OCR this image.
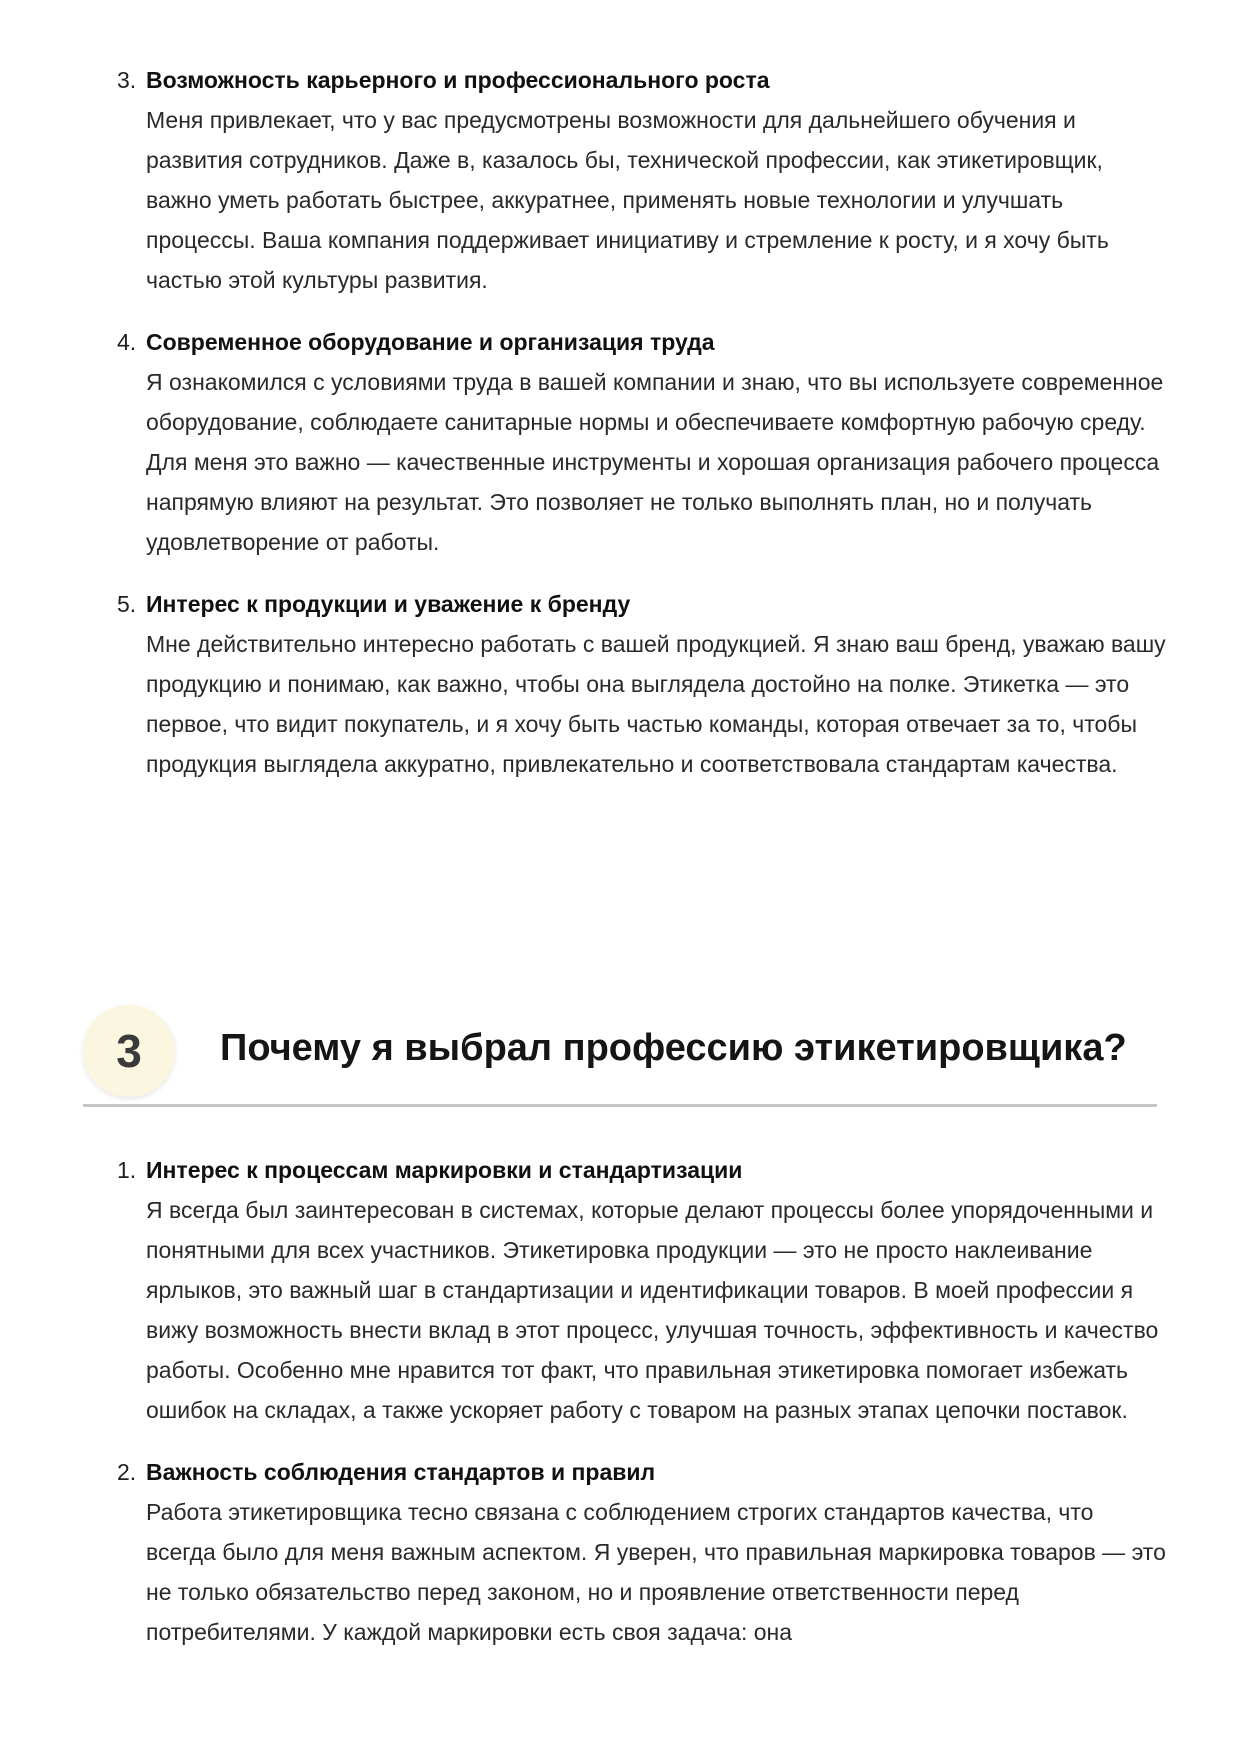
3. Возможность карьерного и профессионального роста
Меня привлекает, что у вас предусмотрены возможности для дальнейшего обучения и развития сотрудников. Даже в, казалось бы, технической профессии, как этикетировщик, важно уметь работать быстрее, аккуратнее, применять новые технологии и улучшать процессы. Ваша компания поддерживает инициативу и стремление к росту, и я хочу быть частью этой культуры развития.
4. Современное оборудование и организация труда
Я ознакомился с условиями труда в вашей компании и знаю, что вы используете современное оборудование, соблюдаете санитарные нормы и обеспечиваете комфортную рабочую среду. Для меня это важно — качественные инструменты и хорошая организация рабочего процесса напрямую влияют на результат. Это позволяет не только выполнять план, но и получать удовлетворение от работы.
5. Интерес к продукции и уважение к бренду
Мне действительно интересно работать с вашей продукцией. Я знаю ваш бренд, уважаю вашу продукцию и понимаю, как важно, чтобы она выглядела достойно на полке. Этикетка — это первое, что видит покупатель, и я хочу быть частью команды, которая отвечает за то, чтобы продукция выглядела аккуратно, привлекательно и соответствовала стандартам качества.
3	Почему я выбрал профессию этикетировщика?
1. Интерес к процессам маркировки и стандартизации
Я всегда был заинтересован в системах, которые делают процессы более упорядоченными и понятными для всех участников. Этикетировка продукции — это не просто наклеивание ярлыков, это важный шаг в стандартизации и идентификации товаров. В моей профессии я вижу возможность внести вклад в этот процесс, улучшая точность, эффективность и качество работы. Особенно мне нравится тот факт, что правильная этикетировка помогает избежать ошибок на складах, а также ускоряет работу с товаром на разных этапах цепочки поставок.
2. Важность соблюдения стандартов и правил
Работа этикетировщика тесно связана с соблюдением строгих стандартов качества, что всегда было для меня важным аспектом. Я уверен, что правильная маркировка товаров — это не только обязательство перед законом, но и проявление ответственности перед потребителями. У каждой маркировки есть своя задача: она
